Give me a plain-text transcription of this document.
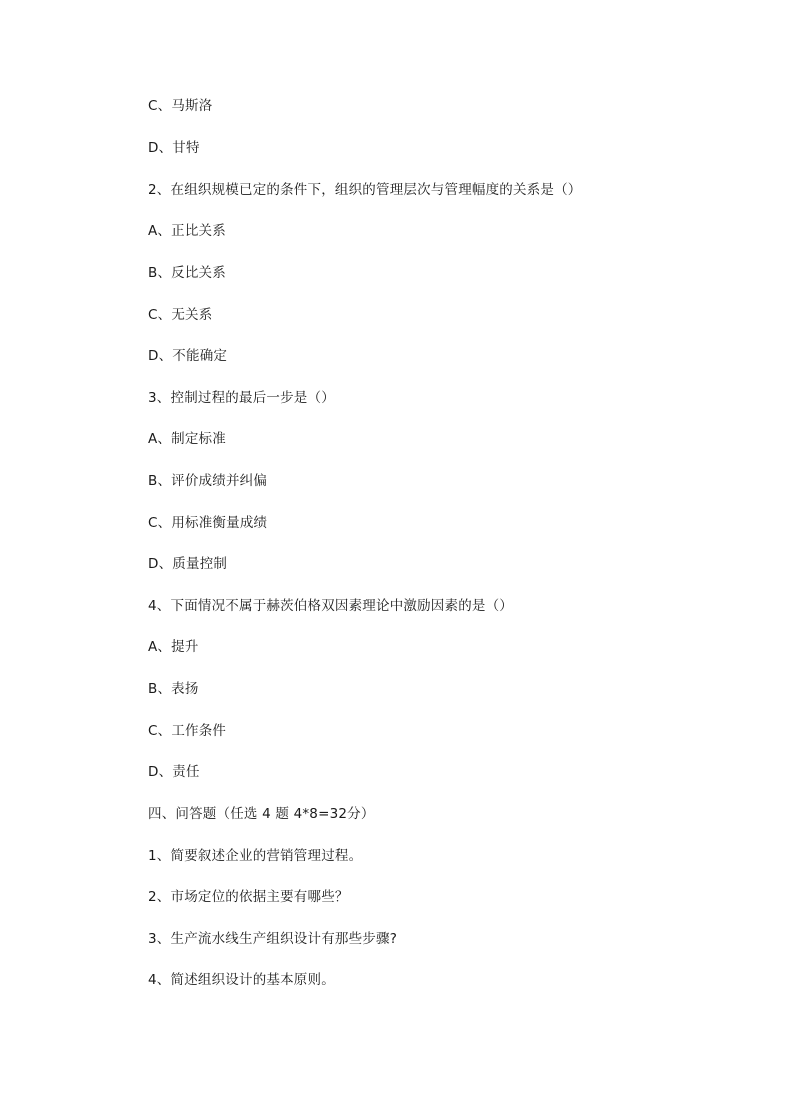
C、马斯洛
D、甘特
2、在组织规模已定的条件下，组织的管理层次与管理幅度的关系是（）
A、正比关系
B、反比关系
C、无关系
D、不能确定
3、控制过程的最后一步是（）
A、制定标准
B、评价成绩并纠偏
C、用标准衡量成绩
D、质量控制
4、下面情况不属于赫茨伯格双因素理论中激励因素的是（）
A、提升
B、表扬
C、工作条件
D、责任
四、问答题（任选 4 题 4*8=32分）
1、简要叙述企业的营销管理过程。
2、市场定位的依据主要有哪些？
3、生产流水线生产组织设计有那些步骤?
4、简述组织设计的基本原则。
